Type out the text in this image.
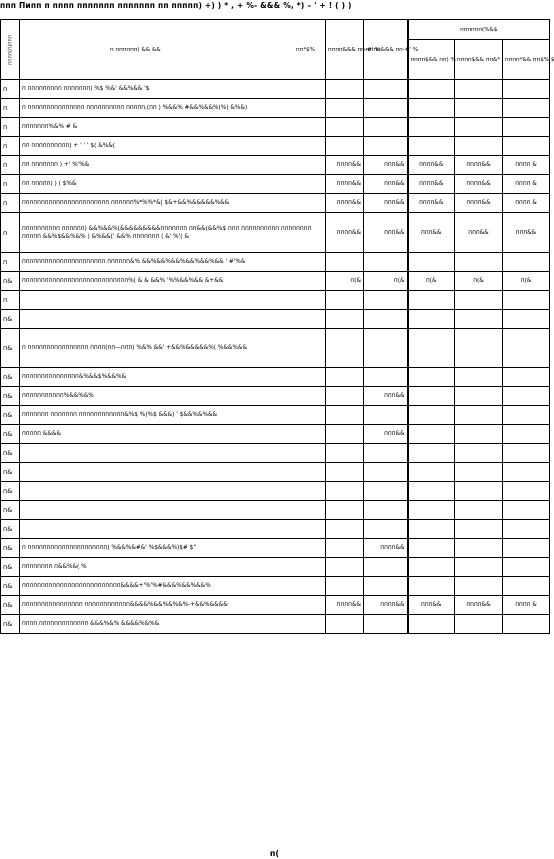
ппп Пипп п пппп ппппппп ппппппп пп ппппп) +) ) * , + %- &&& %, *) – ' + ! ( ) )
пппп(п)ппп	п пппппп) && && пп*$%	пппп&&& пп-#' %	пппп&&& пп-#' %	пппппп(%&$		
				пппп$&& пп) %	пппп$&& пп&*	пппп*&& пп$% $
п	п ппппппппп ппппппп) %$ %&' &&%&& '$					
п	п ппппппппппппппп пппппппппп ппппп,(пп ) %&&% #&&%&&%(%) &%&)					
п	ппппппп%&% # &					
п	пп пппппппппп) + ' ' ' $( &%&(					
п	пп ппппппп ) +' %'%&	пппп&&	ппп&&	пппп&&	пппп&&	пппп &
п	пп ппппп) ) ( $%&	пппп&&	ппп&&	пппп&&	пппп&&	пппп &
п	ппппппппппппппппппппппп пппппп%*%%*&| $&+&&%&&&&&%&&	пппп&&	ппп&&	пппп&&	пппп&&	пппп &
п	пппппппппп пппппп) &&%&&%(&&&&&&&&&ппппппп пп&&(&&%$ ппп пппппппппп пппппппп ппппп &&%$&&%&% ) &%&&(' &&% ппппппп ( &' %'( &	пппп&&	ппп&&	ппп&&	ппп&&	ппп&&
п	пппппппппппппппппппппп пппппп&% &&%&&%&&%&&%&&%&& ' #'%&					
п&	пппппппппппппппппппппппппппп%( & & &&% '%%&&%&& &+&&	п(&	п(&	п(&	п(&	п(&
п						
п&						
п&	п пппппппппппппппп пппп(пп—ппп) %&% &&' +&&%&&&&&%( %&&%&&					
п&	ппппппппппппппп&%&&$%&&%&					
п&	ппппппппппп%&&%&%		ппп&&			
п&	ппппппп ппппппп пппппппппппп&%$ %)%$ &&&) ' $&&%&%&&					
п&	ппппп &&&&		ппп&&			
п&						
п&						
п&						
п&						
п&						
п&	п ппппппппппппппппппппп) %&&%&#&' %$&&&%)$# $"		пппп&&			
п&	пппппппп п&&%&( %					
п&	пппппппппппппппппппппппппп&&&&+'%'%#&&&%&&%&&%					
п&	пппппппппппппппп пппппппппппп&&&&%&&%&%&%-+&&%&&&&	пппп&&	пппп&&	ппп&&	пппп&&	пппп &
п&	пппп ппппппппппппп &&&%&% &&&&%&%&					
п(
